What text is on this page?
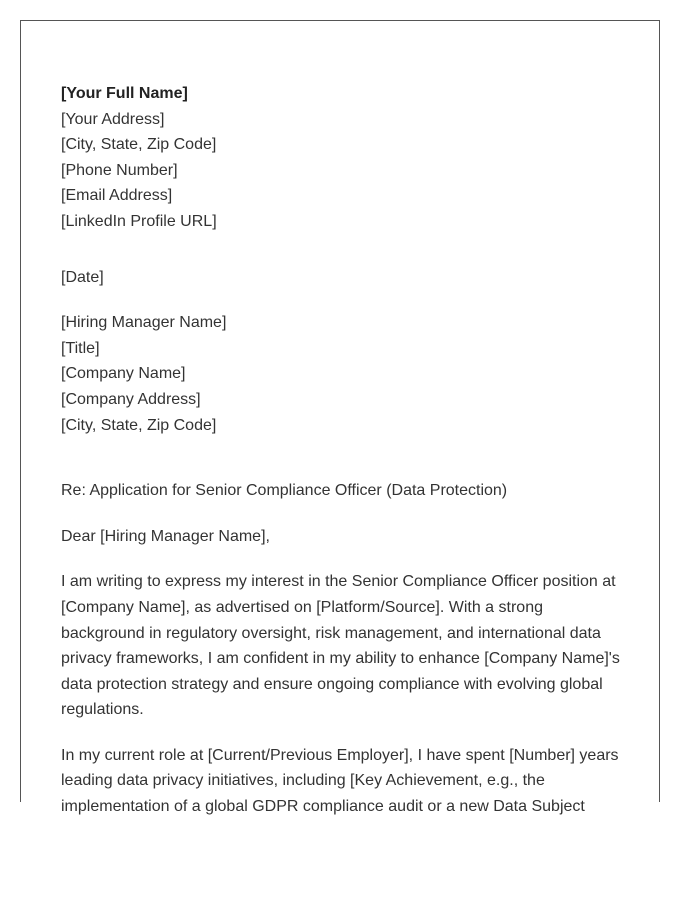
[Your Full Name]
[Your Address]
[City, State, Zip Code]
[Phone Number]
[Email Address]
[LinkedIn Profile URL]
[Date]
[Hiring Manager Name]
[Title]
[Company Name]
[Company Address]
[City, State, Zip Code]
Re: Application for Senior Compliance Officer (Data Protection)
Dear [Hiring Manager Name],

I am writing to express my interest in the Senior Compliance Officer position at [Company Name], as advertised on [Platform/Source]. With a strong background in regulatory oversight, risk management, and international data privacy frameworks, I am confident in my ability to enhance [Company Name]'s data protection strategy and ensure ongoing compliance with evolving global regulations.

In my current role at [Current/Previous Employer], I have spent [Number] years leading data privacy initiatives, including [Key Achievement, e.g., the implementation of a global GDPR compliance audit or a new Data Subject
